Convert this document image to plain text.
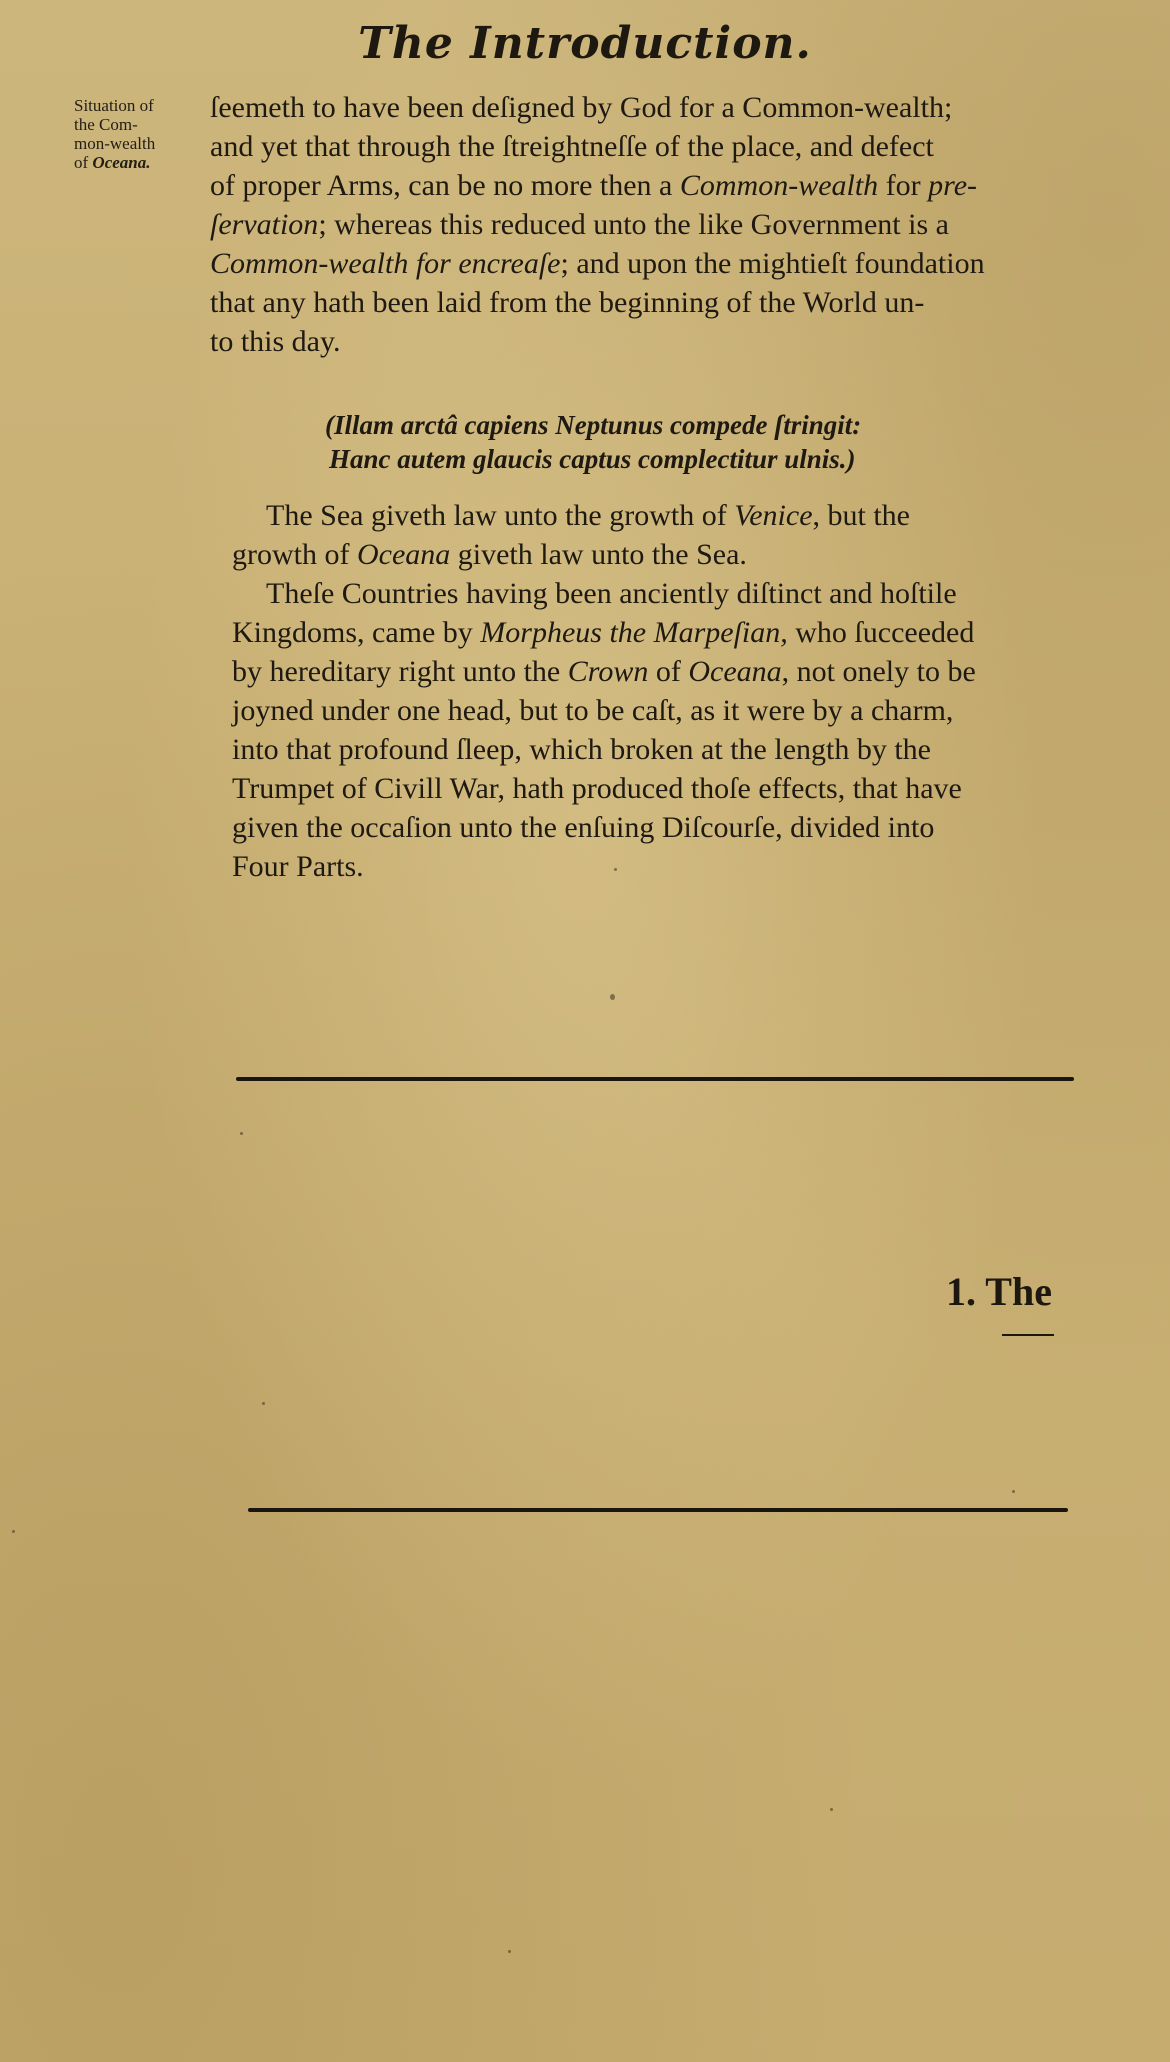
The Introduction.
Situation of
the Com-
mon-wealth
of Oceana.

ſeemeth to have been deſigned by God for a Common-wealth;

and yet that through the ſtreightneſſe of the place, and defect

of proper Arms, can be no more then a Common-wealth for pre-

ſervation; whereas this reduced unto the like Government is a

Common-wealth for encreaſe; and upon the mightieſt foundation

that any hath been laid from the beginning of the World un-

to this day.

(Illam arctâ capiens Neptunus compede ſtringit:
Hanc autem glaucis captus complectitur ulnis.)

The Sea giveth law unto the growth of Venice, but the

growth of Oceana giveth law unto the Sea.

Theſe Countries having been anciently diſtinct and hoſtile

Kingdoms, came by Morpheus the Marpeſian, who ſucceeded

by hereditary right unto the Crown of Oceana, not onely to be

joyned under one head, but to be caſt, as it were by a charm,

into that profound ſleep, which broken at the length by the

Trumpet of Civill War, hath produced thoſe effects, that have

given the occaſion unto the enſuing Diſcourſe, divided into

Four Parts.

1. The
